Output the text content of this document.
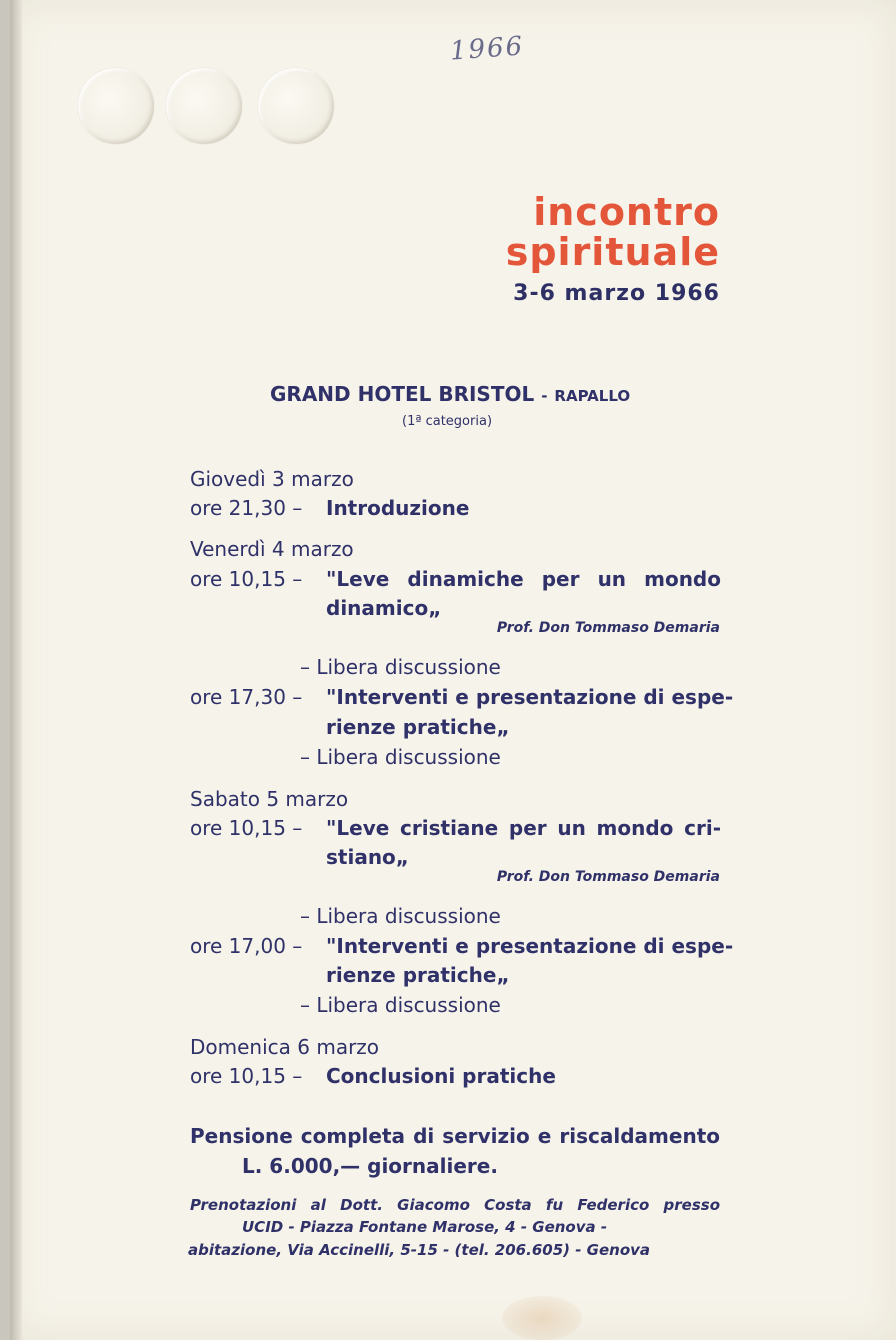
1966
incontro
spirituale
3-6 marzo 1966
GRAND HOTEL BRISTOL - RAPALLO
(1ª categoria)
Giovedì 3 marzo
ore 21,30 – Introduzione
Venerdì 4 marzo
ore 10,15 – "Leve dinamiche per un mondo
dinamico„
Prof. Don Tommaso Demaria
– Libera discussione
ore 17,30 – "Interventi e presentazione di espe-
rienze pratiche„
– Libera discussione
Sabato 5 marzo
ore 10,15 – "Leve cristiane per un mondo cri-
stiano„
Prof. Don Tommaso Demaria
– Libera discussione
ore 17,00 – "Interventi e presentazione di espe-
rienze pratiche„
– Libera discussione
Domenica 6 marzo
ore 10,15 – Conclusioni pratiche
Pensione completa di servizio e riscaldamento
L. 6.000,— giornaliere.
Prenotazioni al Dott. Giacomo Costa fu Federico presso
UCID - Piazza Fontane Marose, 4 - Genova -
abitazione, Via Accinelli, 5-15 - (tel. 206.605) - Genova
